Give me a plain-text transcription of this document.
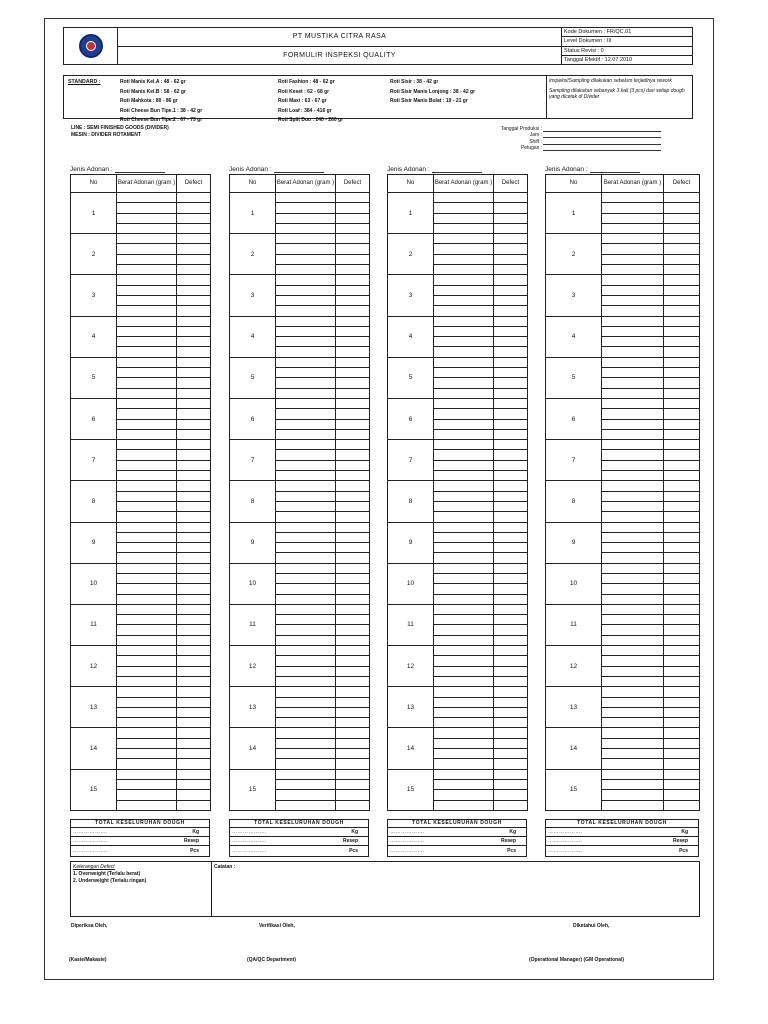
PT MUSTIKA CITRA RASA
FORMULIR INSPEKSI QUALITY
Kode Dokumen : FR/QC.01
Level Dokumen : III
Status Revisi : 0
Tanggal Efektif : 12.07.2010
STANDARD :	Roti Manis Kel.A : 48 - 62 gr
Roti Manis Kel.B : 58 - 62 gr
Roti Mahkota : 80 - 86 gr
Roti Cheese Bun Tipe.1 : 38 - 42 gr
Roti Cheese Bun Tipe.2 : 67 - 73 gr
Roti Fashion : 48 - 62 gr
Roti Keset : 62 - 68 gr
Roti Maxi : 63 - 67 gr
Roti Loaf : 384 - 416 gr
Roti Split Duo : 240 - 260 gr
Roti Sisir : 38 - 42 gr
Roti Sisir Manis Lonjong : 38 - 42 gr
Roti Sisir Manis Bulat : 19 - 21 gr

Inspeksi/Sampling dilakukan sebelum terjadinya rework

Sampling dilakukan sebanyak 3 kali (3 pcs) dari setiap dough yang dicetak di Divider

LINE : SEMI FINISHED GOODS (DIVIDER)
MESIN : DIVIDER ROTAMENT
Tanggal Produksi :
Jam :
Shift :
Petugas :
Jenis Adonan :
No	Berat Adonan (gram )	Defect
1		

2		

3		

4		

5		

6		

7		

8		

9		

10		

11		

12		

13		

14		

15		

TOTAL KESELURUHAN DOUGH
……………….	Kg
……………….	Resep
……………….	Pcs
Jenis Adonan :
No	Berat Adonan (gram )	Defect
1		

2		

3		

4		

5		

6		

7		

8		

9		

10		

11		

12		

13		

14		

15		

TOTAL KESELURUHAN DOUGH
……………….	Kg
……………….	Resep
……………….	Pcs
Jenis Adonan :
No	Berat Adonan (gram )	Defect
1		

2		

3		

4		

5		

6		

7		

8		

9		

10		

11		

12		

13		

14		

15		

TOTAL KESELURUHAN DOUGH
……………….	Kg
……………….	Resep
……………….	Pcs
Jenis Adonan :
No	Berat Adonan (gram )	Defect
1		

2		

3		

4		

5		

6		

7		

8		

9		

10		

11		

12		

13		

14		

15		

TOTAL KESELURUHAN DOUGH
……………….	Kg
……………….	Resep
……………….	Pcs
Keterangan Defect
1. Overweight (Terlalu berat)
2. Underweight (Terlalu ringan)
Catatan :
Diperiksa Oleh,	Verifikasi Oleh,	Diketahui Oleh,
(Kasie/Makasie)	(QA/QC Department)	(Operational Manager) (GM Operational)
